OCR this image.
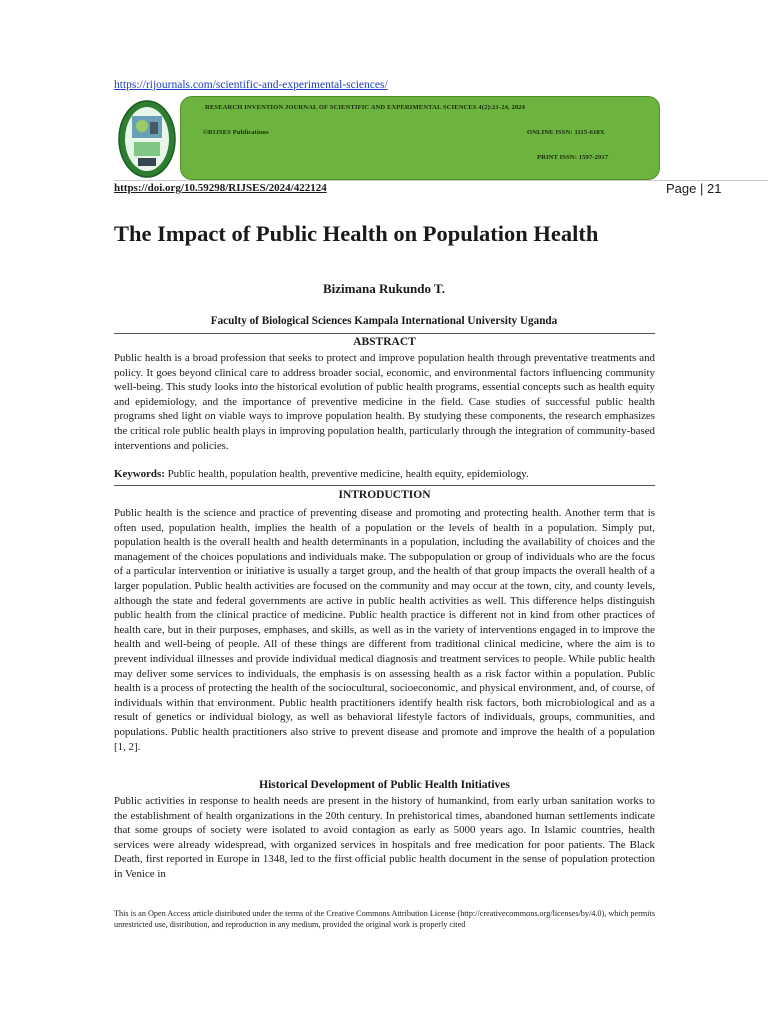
https://rijournals.com/scientific-and-experimental-sciences/
RESEARCH INVENTION JOURNAL OF SCIENTIFIC AND EXPERIMENTAL SCIENCES 4(2):21-24, 2024
©RIJSES Publications	ONLINE ISSN: 1115-618X
PRINT ISSN: 1597-2917
https://doi.org/10.59298/RIJSES/2024/422124	Page | 21
The Impact of Public Health on Population Health
Bizimana Rukundo T.
Faculty of Biological Sciences Kampala International University Uganda
ABSTRACT

Public health is a broad profession that seeks to protect and improve population health through preventative treatments and policy. It goes beyond clinical care to address broader social, economic, and environmental factors influencing community well-being. This study looks into the historical evolution of public health programs, essential concepts such as health equity and epidemiology, and the importance of preventive medicine in the field. Case studies of successful public health programs shed light on viable ways to improve population health. By studying these components, the research emphasizes the critical role public health plays in improving population health, particularly through the integration of community-based interventions and policies.

Keywords: Public health, population health, preventive medicine, health equity, epidemiology.
INTRODUCTION

Public health is the science and practice of preventing disease and promoting and protecting health. Another term that is often used, population health, implies the health of a population or the levels of health in a population. Simply put, population health is the overall health and health determinants in a population, including the availability of choices and the management of the choices populations and individuals make. The subpopulation or group of individuals who are the focus of a particular intervention or initiative is usually a target group, and the health of that group impacts the overall health of a larger population. Public health activities are focused on the community and may occur at the town, city, and county levels, although the state and federal governments are active in public health activities as well. This difference helps distinguish public health from the clinical practice of medicine. Public health practice is different not in kind from other practices of health care, but in their purposes, emphases, and skills, as well as in the variety of interventions engaged in to improve the health and well-being of people. All of these things are different from traditional clinical medicine, where the aim is to prevent individual illnesses and provide individual medical diagnosis and treatment services to people. While public health may deliver some services to individuals, the emphasis is on assessing health as a risk factor within a population. Public health is a process of protecting the health of the sociocultural, socioeconomic, and physical environment, and, of course, of individuals within that environment. Public health practitioners identify health risk factors, both microbiological and as a result of genetics or individual biology, as well as behavioral lifestyle factors of individuals, groups, communities, and populations. Public health practitioners also strive to prevent disease and promote and improve the health of a population [1, 2].

Historical Development of Public Health Initiatives

Public activities in response to health needs are present in the history of humankind, from early urban sanitation works to the establishment of health organizations in the 20th century. In prehistorical times, abandoned human settlements indicate that some groups of society were isolated to avoid contagion as early as 5000 years ago. In Islamic countries, health services were already widespread, with organized services in hospitals and free medication for poor patients. The Black Death, first reported in Europe in 1348, led to the first official public health document in the sense of population protection in Venice in

This is an Open Access article distributed under the terms of the Creative Commons Attribution License (http://creativecommons.org/licenses/by/4.0), which permits unrestricted use, distribution, and reproduction in any medium, provided the original work is properly cited
